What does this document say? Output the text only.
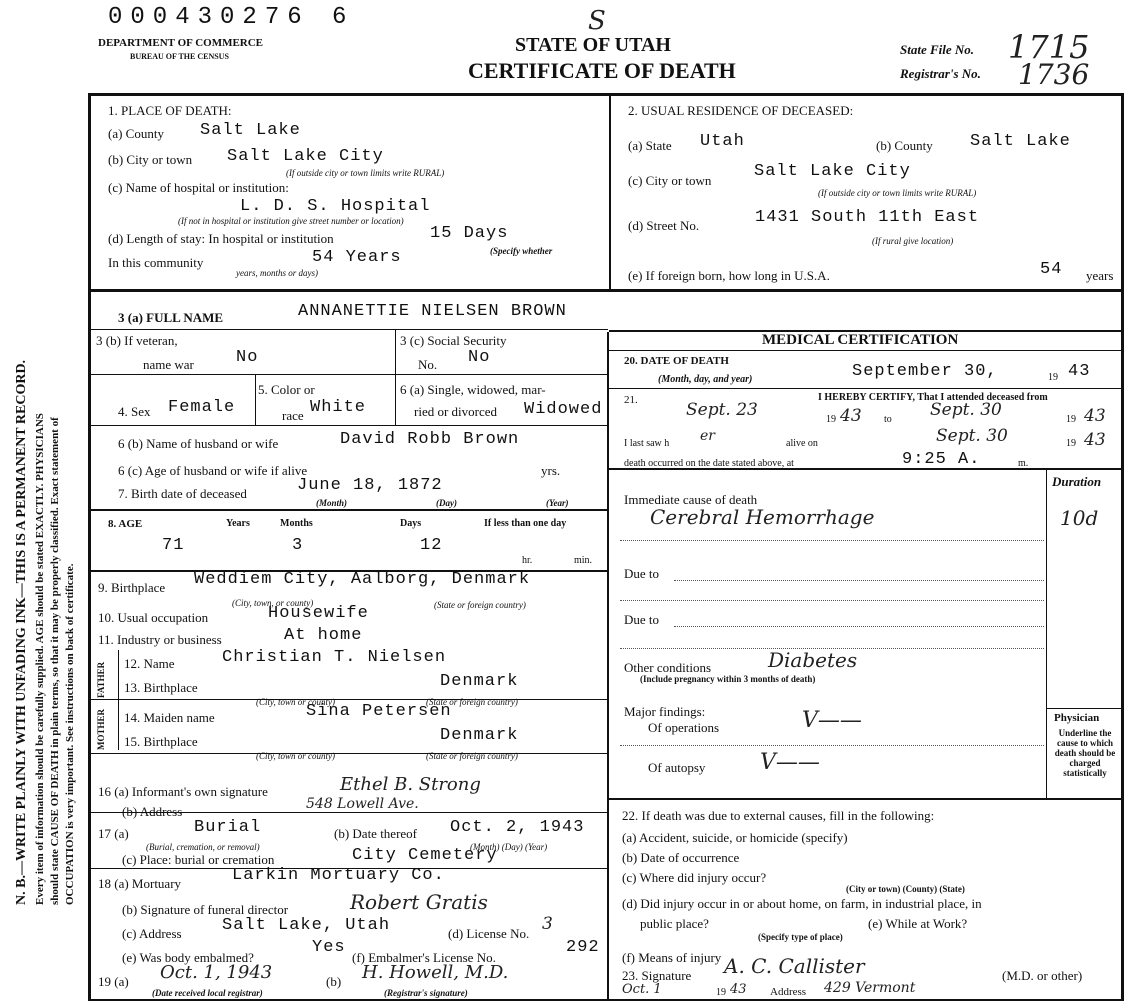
N. B.—WRITE PLAINLY WITH UNFADING INK—THIS IS A PERMANENT RECORD. Every item of information should be carefully supplied. AGE should be stated EXACTLY. PHYSICIANS should state CAUSE OF DEATH in plain terms, so that it may be properly classified. Exact statement of OCCUPATION is very important. See instructions on back of certificate.
000430276 6	S
DEPARTMENT OF COMMERCE
BUREAU OF THE CENSUS
STATE OF UTAH
CERTIFICATE OF DEATH
State File No. 1715
Registrar's No. 1736
1. PLACE OF DEATH:
(a) County Salt Lake
(b) City or town Salt Lake City
(If outside city or town limits write RURAL)
(c) Name of hospital or institution:
L. D. S. Hospital
(If not in hospital or institution give street number or location)
(d) Length of stay: In hospital or institution	15 Days
(Specify whether
In this community	54 Years
years, months or days)
2. USUAL RESIDENCE OF DECEASED:
(a) State Utah	(b) County Salt Lake
(c) City or town	Salt Lake City
(If outside city or town limits write RURAL)
(d) Street No.	1431 South 11th East
(If rural give location)
(e) If foreign born, how long in U.S.A.	54 years
3 (a) FULL NAME	ANNANETTIE NIELSEN BROWN
3 (b) If veteran,
name war No
3 (c) Social Security
No. No
4. Sex Female
5. Color or
race White
6 (a) Single, widowed, mar-
ried or divorced Widowed
6 (b) Name of husband or wife	David Robb Brown
6 (c) Age of husband or wife if alive	yrs.
7. Birth date of deceased	June 18, 1872
(Month)	(Day)	(Year)
8. AGE	Years	Months	Days	If less than one day
71	3	12
hr.	min.
9. Birthplace Weddiem City, Aalborg, Denmark
(City, town, or county)	(State or foreign country)
10. Usual occupation	Housewife
11. Industry or business	At home
FATHER 12. Name	Christian T. Nielsen
13. Birthplace	Denmark
(City, town or county)	(State or foreign country)
MOTHER 14. Maiden name	Sina Petersen
15. Birthplace	Denmark
(City, town or county)	(State or foreign country)
16 (a) Informant's own signature	Ethel B. Strong
(b) Address	548 Lowell Ave.
17 (a)	Burial
(Burial, cremation, or removal)
(b) Date thereof Oct. 2, 1943
(Month) (Day) (Year)
(c) Place: burial or cremation	City Cemetery
18 (a) Mortuary	Larkin Mortuary Co.
(b) Signature of funeral director	Robert Gratis
(c) Address Salt Lake, Utah	(d) License No. 3
(e) Was body embalmed?
Yes
(f) Embalmer's License No.
292
19 (a) Oct. 1, 1943
(Date received local registrar)
(b) H. Howell, M.D.
(Registrar's signature)
MEDICAL CERTIFICATION
20. DATE OF DEATH
(Month, day, and year)	September 30,	19 43
21.	I HEREBY CERTIFY, That I attended deceased from
Sept. 23	19 43 to Sept. 30	19 43
I last saw h er	alive on	Sept. 30	19 43
death occurred on the date stated above, at	9:25 A.	m.
Duration
Immediate cause of death
Cerebral Hemorrhage	10d
Due to
Due to
Other conditions	Diabetes
(Include pregnancy within 3 months of death)
Major findings:
Of operations	V——
Of autopsy V——
Physician
Underline the cause to which death should be charged statistically
22. If death was due to external causes, fill in the following:
(a) Accident, suicide, or homicide (specify)
(b) Date of occurrence
(c) Where did injury occur?
(City or town) (County) (State)
(d) Did injury occur in or about home, on farm, in industrial place, in
public place?	(e) While at Work?
(Specify type of place)
(f) Means of injury
23. Signature A. C. Callister	(M.D. or other)
Oct. 1	19 43 Address 429 Vermont
